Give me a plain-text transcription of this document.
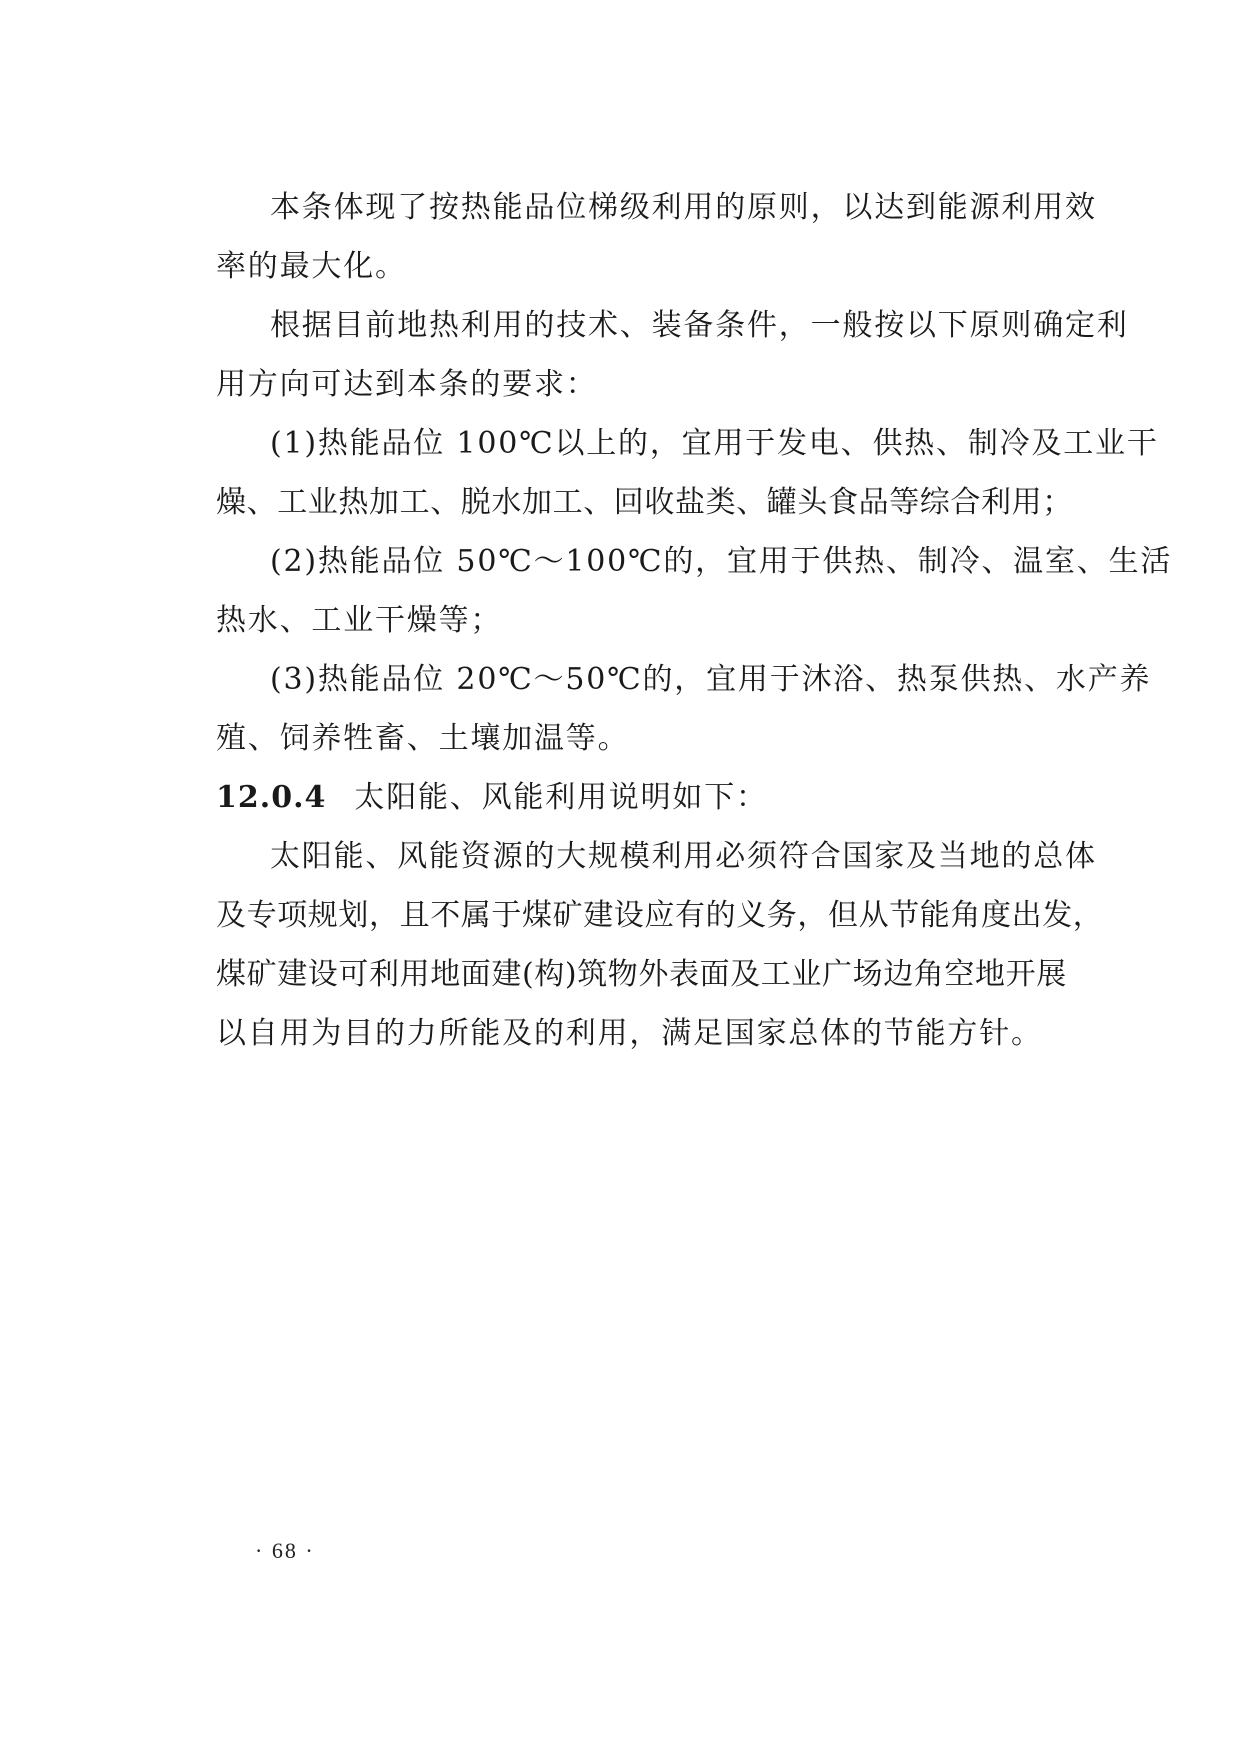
本条体现了按热能品位梯级利用的原则，以达到能源利用效
率的最大化。
根据目前地热利用的技术、装备条件，一般按以下原则确定利
用方向可达到本条的要求：
(1)热能品位 100℃以上的，宜用于发电、供热、制冷及工业干
燥、工业热加工、脱水加工、回收盐类、罐头食品等综合利用；
(2)热能品位 50℃～100℃的，宜用于供热、制冷、温室、生活
热水、工业干燥等；
(3)热能品位 20℃～50℃的，宜用于沐浴、热泵供热、水产养
殖、饲养牲畜、土壤加温等。
12.0.4 太阳能、风能利用说明如下：
太阳能、风能资源的大规模利用必须符合国家及当地的总体
及专项规划，且不属于煤矿建设应有的义务，但从节能角度出发，
煤矿建设可利用地面建(构)筑物外表面及工业广场边角空地开展
以自用为目的力所能及的利用，满足国家总体的节能方针。
· 68 ·
